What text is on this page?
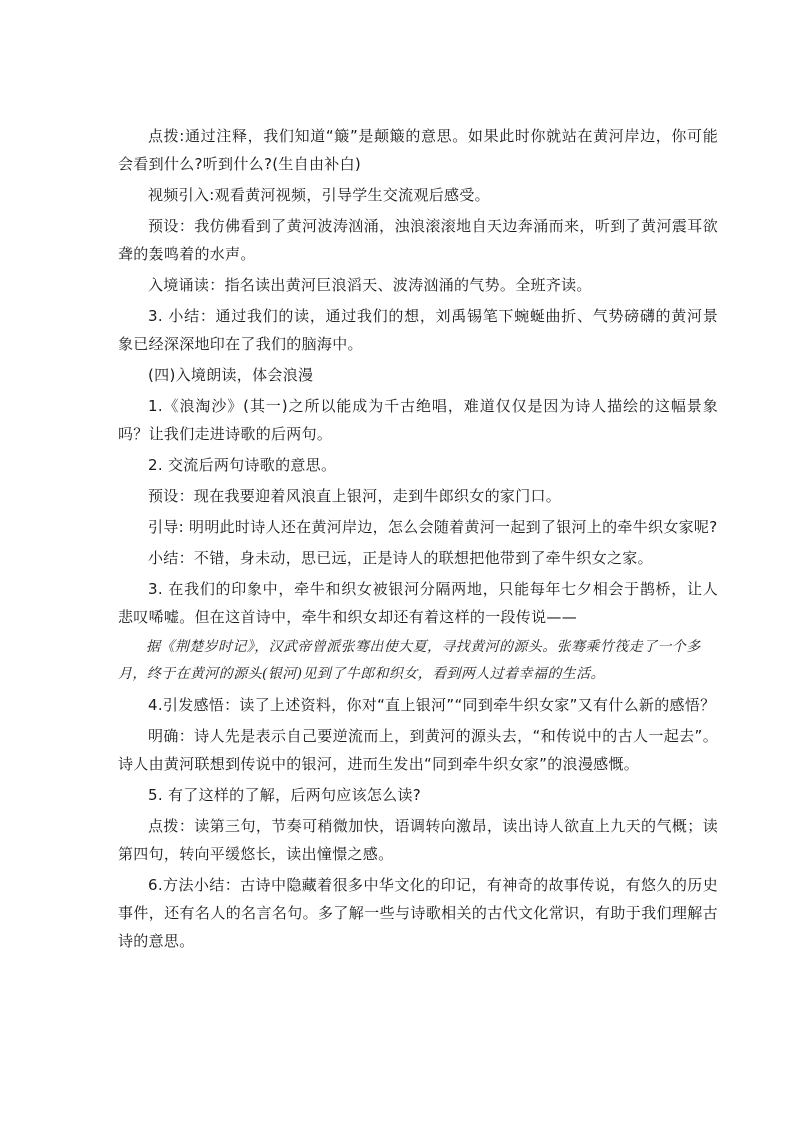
点拨:通过注释，我们知道“簸”是颠簸的意思。如果此时你就站在黄河岸边，你可能会看到什么?听到什么?(生自由补白)

视频引入:观看黄河视频，引导学生交流观后感受。

预设：我仿佛看到了黄河波涛汹涌，浊浪滚滚地自天边奔涌而来，听到了黄河震耳欲聋的轰鸣着的水声。

入境诵读：指名读出黄河巨浪滔天、波涛汹涌的气势。全班齐读。

3. 小结：通过我们的读，通过我们的想，刘禹锡笔下蜿蜒曲折、气势磅礴的黄河景象已经深深地印在了我们的脑海中。

(四)入境朗读，体会浪漫

1.《浪淘沙》(其一)之所以能成为千古绝唱，难道仅仅是因为诗人描绘的这幅景象吗？让我们走进诗歌的后两句。

2. 交流后两句诗歌的意思。

预设：现在我要迎着风浪直上银河，走到牛郎织女的家门口。

引导: 明明此时诗人还在黄河岸边，怎么会随着黄河一起到了银河上的牵牛织女家呢?

小结：不错，身未动，思已远，正是诗人的联想把他带到了牵牛织女之家。

3. 在我们的印象中，牵牛和织女被银河分隔两地，只能每年七夕相会于鹊桥，让人悲叹唏嘘。但在这首诗中，牵牛和织女却还有着这样的一段传说——

据《荆楚岁时记》，汉武帝曾派张骞出使大夏，寻找黄河的源头。张骞乘竹筏走了一个多月，终于在黄河的源头(银河)见到了牛郎和织女，看到两人过着幸福的生活。

4.引发感悟：读了上述资料，你对“直上银河”“同到牵牛织女家”又有什么新的感悟？

明确：诗人先是表示自己要逆流而上，到黄河的源头去，“和传说中的古人一起去”。诗人由黄河联想到传说中的银河，进而生发出“同到牵牛织女家”的浪漫感慨。

5. 有了这样的了解，后两句应该怎么读?

点拨：读第三句，节奏可稍微加快，语调转向激昂，读出诗人欲直上九天的气概；读第四句，转向平缓悠长，读出憧憬之感。

6.方法小结：古诗中隐藏着很多中华文化的印记，有神奇的故事传说，有悠久的历史事件，还有名人的名言名句。多了解一些与诗歌相关的古代文化常识，有助于我们理解古诗的意思。
